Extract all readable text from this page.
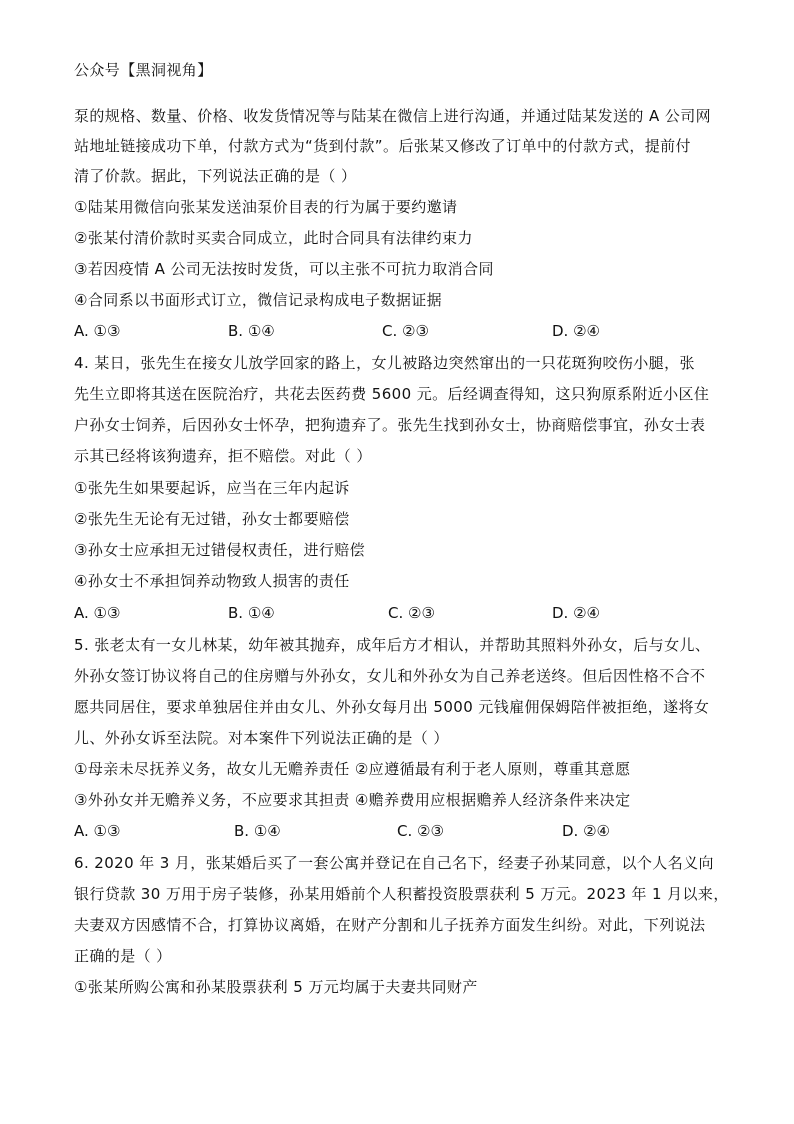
公众号【黑洞视角】
泵的规格、数量、价格、收发货情况等与陆某在微信上进行沟通，并通过陆某发送的 A 公司网
站地址链接成功下单，付款方式为“货到付款”。后张某又修改了订单中的付款方式，提前付
清了价款。据此，下列说法正确的是（ ）
①陆某用微信向张某发送油泵价目表的行为属于要约邀请
②张某付清价款时买卖合同成立，此时合同具有法律约束力
③若因疫情 A 公司无法按时发货，可以主张不可抗力取消合同
④合同系以书面形式订立，微信记录构成电子数据证据
A. ①③	B. ①④	C. ②③	D. ②④
4. 某日，张先生在接女儿放学回家的路上，女儿被路边突然窜出的一只花斑狗咬伤小腿，张
先生立即将其送在医院治疗，共花去医药费 5600 元。后经调查得知，这只狗原系附近小区住
户孙女士饲养，后因孙女士怀孕，把狗遗弃了。张先生找到孙女士，协商赔偿事宜，孙女士表
示其已经将该狗遗弃，拒不赔偿。对此（ ）
①张先生如果要起诉，应当在三年内起诉
②张先生无论有无过错，孙女士都要赔偿
③孙女士应承担无过错侵权责任，进行赔偿
④孙女士不承担饲养动物致人损害的责任
A. ①③	B. ①④	C. ②③	D. ②④
5. 张老太有一女儿林某，幼年被其抛弃，成年后方才相认，并帮助其照料外孙女，后与女儿、
外孙女签订协议将自己的住房赠与外孙女，女儿和外孙女为自己养老送终。但后因性格不合不
愿共同居住，要求单独居住并由女儿、外孙女每月出 5000 元钱雇佣保姆陪伴被拒绝，遂将女
儿、外孙女诉至法院。对本案件下列说法正确的是（ ）
①母亲未尽抚养义务，故女儿无赡养责任 ②应遵循最有利于老人原则，尊重其意愿
③外孙女并无赡养义务，不应要求其担责 ④赡养费用应根据赡养人经济条件来决定
A. ①③	B. ①④	C. ②③	D. ②④
6. 2020 年 3 月，张某婚后买了一套公寓并登记在自己名下，经妻子孙某同意，以个人名义向
银行贷款 30 万用于房子装修，孙某用婚前个人积蓄投资股票获利 5 万元。2023 年 1 月以来，
夫妻双方因感情不合，打算协议离婚，在财产分割和儿子抚养方面发生纠纷。对此，下列说法
正确的是（ ）
①张某所购公寓和孙某股票获利 5 万元均属于夫妻共同财产
